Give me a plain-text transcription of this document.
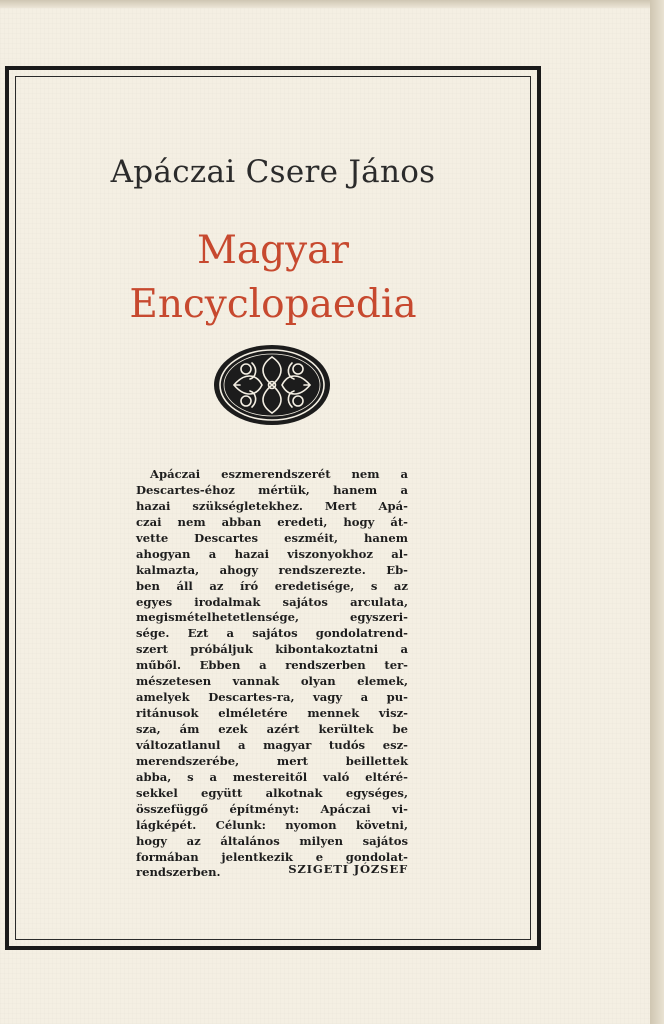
Apáczai Csere János
Magyar
Encyclopaedia
Apáczai eszmerendszerét nem a
Descartes-éhoz mértük, hanem a
hazai szükségletekhez. Mert Apá-
czai nem abban eredeti, hogy át-
vette Descartes eszméit, hanem
ahogyan a hazai viszonyokhoz al-
kalmazta, ahogy rendszerezte. Eb-
ben áll az író eredetisége, s az
egyes irodalmak sajátos arculata,
megismételhetetlensége, egyszeri-
sége. Ezt a sajátos gondolatrend-
szert próbáljuk kibontakoztatni a
műből. Ebben a rendszerben ter-
mészetesen vannak olyan elemek,
amelyek Descartes-ra, vagy a pu-
ritánusok elméletére mennek visz-
sza, ám ezek azért kerültek be
változatlanul a magyar tudós esz-
merendszerébe, mert beillettek
abba, s a mestereitől való eltéré-
sekkel együtt alkotnak egységes,
összefüggő építményt: Apáczai vi-
lágképét. Célunk: nyomon követni,
hogy az általános milyen sajátos
formában jelentkezik e gondolat-
rendszerben.	SZIGETI JÓZSEF
